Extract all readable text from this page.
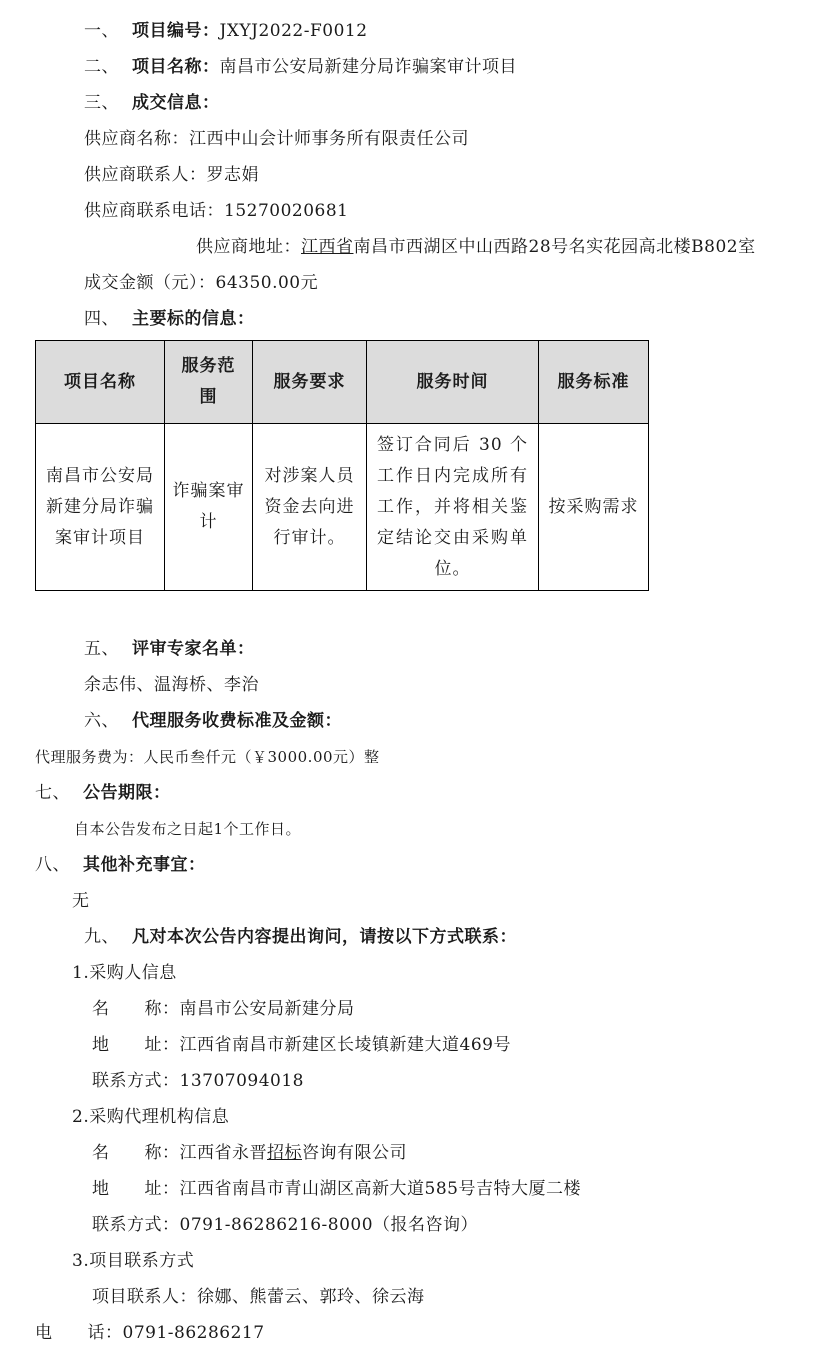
一、 项目编号：JXYJ2022-F0012
二、 项目名称：南昌市公安局新建分局诈骗案审计项目
三、 成交信息：
供应商名称：江西中山会计师事务所有限责任公司
供应商联系人：罗志娟
供应商联系电话：15270020681
供应商地址：江西省南昌市西湖区中山西路28号名实花园高北楼B802室
成交金额（元）：64350.00元
四、 主要标的信息：
项目名称	服务范围	服务要求	服务时间	服务标准
南昌市公安局新建分局诈骗案审计项目	诈骗案审计	对涉案人员资金去向进行审计。	签订合同后 30 个工作日内完成所有工作，并将相关鉴定结论交由采购单位。	按采购需求
五、 评审专家名单：
余志伟、温海桥、李治
六、 代理服务收费标准及金额：
代理服务费为：人民币叁仟元（￥3000.00元）整
七、 公告期限：
自本公告发布之日起1个工作日。
八、 其他补充事宜：
无
九、 凡对本次公告内容提出询问，请按以下方式联系：
1.采购人信息
名　　称：南昌市公安局新建分局
地　　址：江西省南昌市新建区长堎镇新建大道469号
联系方式：13707094018
2.采购代理机构信息
名　　称：江西省永晋招标咨询有限公司
地　　址：江西省南昌市青山湖区高新大道585号吉特大厦二楼
联系方式：0791-86286216-8000（报名咨询）
3.项目联系方式
项目联系人：徐娜、熊蕾云、郭玲、徐云海
电　　话：0791-86286217
